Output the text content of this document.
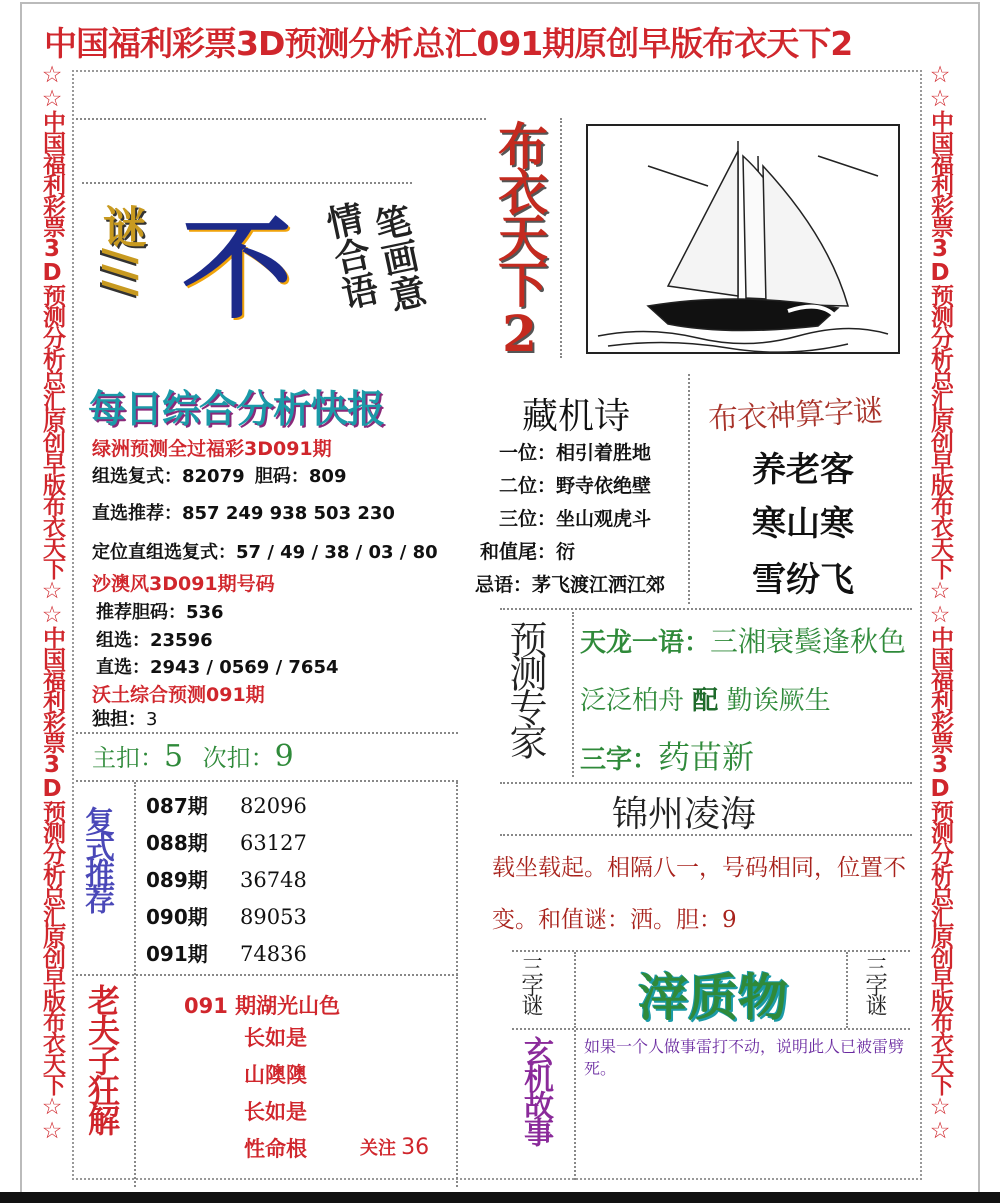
中国福利彩票3D预测分析总汇091期原创早版布衣天下2
☆☆中国福利彩票3D预测分析总汇原创早版布衣天下☆☆中国福利彩票3D预测分析总汇原创早版布衣天下☆☆	☆☆中国福利彩票3D预测分析总汇原创早版布衣天下☆☆中国福利彩票3D预测分析总汇原创早版布衣天下☆☆
谜/// 不 情合语
笔画意 布衣天下2
每日综合分析快报
绿洲预测全过福彩3D091期
组选复式：82079 胆码：809
直选推荐：857 249 938 503 230
定位直组选复式：57 / 49 / 38 / 03 / 80
沙澳风3D091期号码
推荐胆码：536
组选：23596
直选：2943 / 0569 / 7654
沃土综合预测091期
独担：3
主扣：5 次扣：9
复式推荐 087期 82096
088期 63127
089期 36748
090期 89053
091期 74836
老夫子狂解	091 期湖光山色
长如是
山隩隩
长如是
性命根	关注 36
藏机诗
一位：相引着胜地
二位：野寺依绝壁
三位：坐山观虎斗
和值尾：衍
忌语：茅飞渡江洒江郊
布衣神算字谜
养老客
寒山寒
雪纷飞
预测专家 天龙一语：三湘衰鬓逢秋色
泛泛柏舟 配 勤诶厥生
三字：药苗新
锦州凌海
载坐载起。相隔八一，号码相同，位置不变。和值谜：洒。胆：9
三字谜 滓质物	三字谜
玄机故事 如果一个人做事雷打不动，说明此人已被雷劈死。
